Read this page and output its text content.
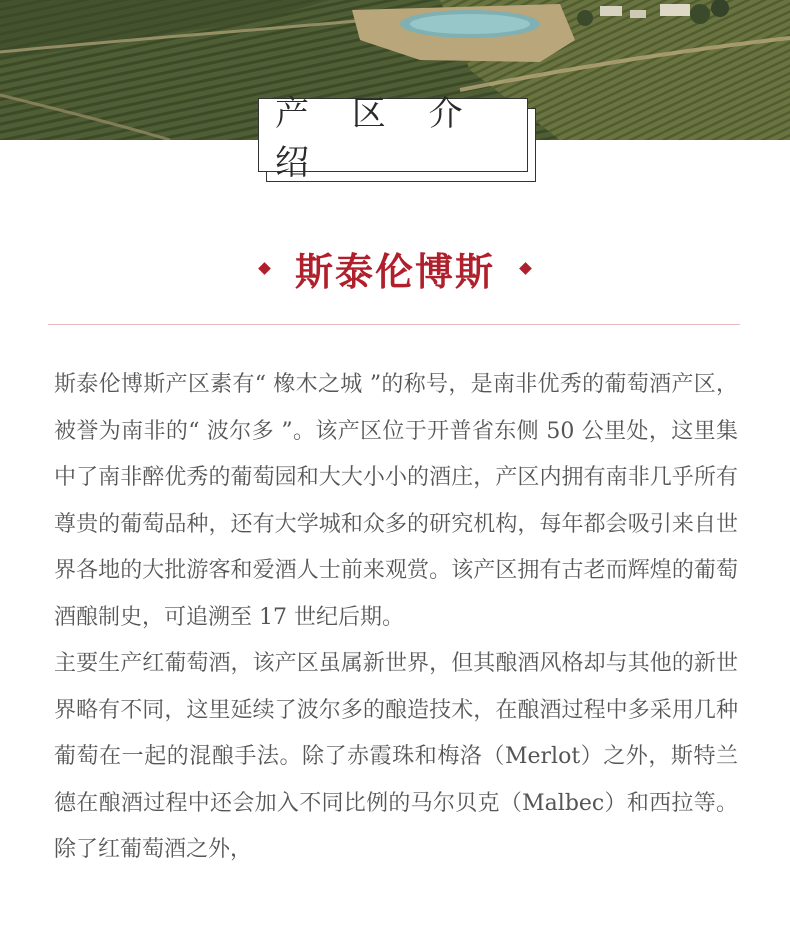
产 区 介 绍
斯泰伦博斯

斯泰伦博斯产区素有“ 橡木之城 ”的称号，是南非优秀的葡萄酒产区，被誉为南非的“ 波尔多 ”。该产区位于开普省东侧 50 公里处，这里集中了南非醉优秀的葡萄园和大大小小的酒庄，产区内拥有南非几乎所有尊贵的葡萄品种，还有大学城和众多的研究机构，每年都会吸引来自世界各地的大批游客和爱酒人士前来观赏。该产区拥有古老而辉煌的葡萄酒酿制史，可追溯至 17 世纪后期。

主要生产红葡萄酒，该产区虽属新世界，但其酿酒风格却与其他的新世界略有不同，这里延续了波尔多的酿造技术，在酿酒过程中多采用几种葡萄在一起的混酿手法。除了赤霞珠和梅洛（Merlot）之外，斯特兰德在酿酒过程中还会加入不同比例的马尔贝克（Malbec）和西拉等。除了红葡萄酒之外，
